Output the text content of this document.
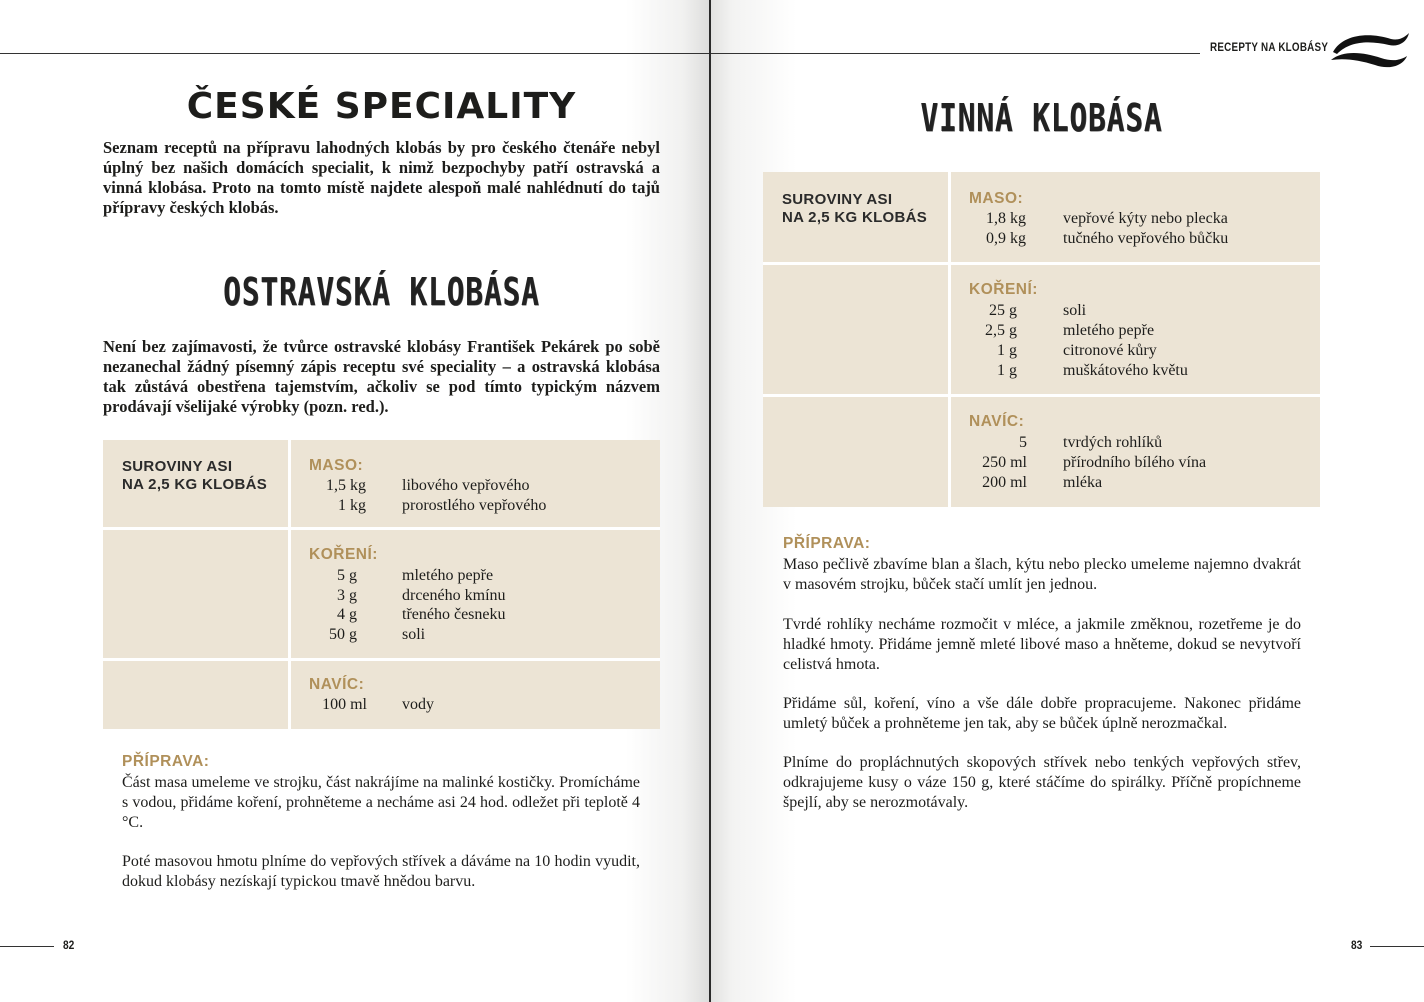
ČESKÉ SPECIALITY
Seznam receptů na přípravu lahodných klobás by pro českého čtenáře nebyl úplný bez našich domácích specialit, k nimž bezpochyby patří ostravská a vinná klobása. Proto na tomto místě najdete alespoň malé nahlédnutí do tajů přípravy českých klobás.
OSTRAVSKÁ KLOBÁSA
Není bez zajímavosti, že tvůrce ostravské klobásy František Pekárek po sobě nezanechal žádný písemný zápis receptu své speciality – a ostravská klobása tak zůstává obestřena tajemstvím, ačkoliv se pod tímto typickým názvem prodávají všelijaké výrobky (pozn. red.).
SUROVINY ASI
NA 2,5 KG KLOBÁS
MASO:
1,5 kg libového vepřového
1 kg prorostlého vepřového
KOŘENÍ:
5 g	mletého pepře
3 g	drceného kmínu
4 g	třeného česneku
50 g	soli
NAVÍC:
100 ml vody
PŘÍPRAVA:
Část masa umeleme ve strojku, část nakrájíme na malinké kostičky. Promícháme s vodou, přidáme koření, prohněteme a necháme asi 24 hod. odležet při teplotě 4 °C.
Poté masovou hmotu plníme do vepřových střívek a dáváme na 10 hodin vyudit, dokud klobásy nezískají typickou tmavě hnědou barvu.
82
RECEPTY NA KLOBÁSY
VINNÁ KLOBÁSA
SUROVINY ASI
NA 2,5 KG KLOBÁS
MASO:
1,8 kg vepřové kýty nebo plecka
0,9 kg tučného vepřového bůčku
KOŘENÍ:
25 g	soli
2,5 g	mletého pepře
1 g	citronové kůry
1 g	muškátového květu
NAVÍC:
5 tvrdých rohlíků
250 ml přírodního bílého vína
200 ml mléka
PŘÍPRAVA:
Maso pečlivě zbavíme blan a šlach, kýtu nebo plecko umeleme najemno dvakrát v masovém strojku, bůček stačí umlít jen jednou.
Tvrdé rohlíky necháme rozmočit v mléce, a jakmile změknou, rozetřeme je do hladké hmoty. Přidáme jemně mleté libové maso a hněteme, dokud se nevytvoří celistvá hmota.
Přidáme sůl, koření, víno a vše dále dobře propracujeme. Nakonec přidáme umletý bůček a prohněteme jen tak, aby se bůček úplně nerozmačkal.
Plníme do propláchnutých skopových střívek nebo tenkých vepřových střev, odkrajujeme kusy o váze 150 g, které stáčíme do spirálky. Příčně propíchneme špejlí, aby se nerozmotávaly.
83
